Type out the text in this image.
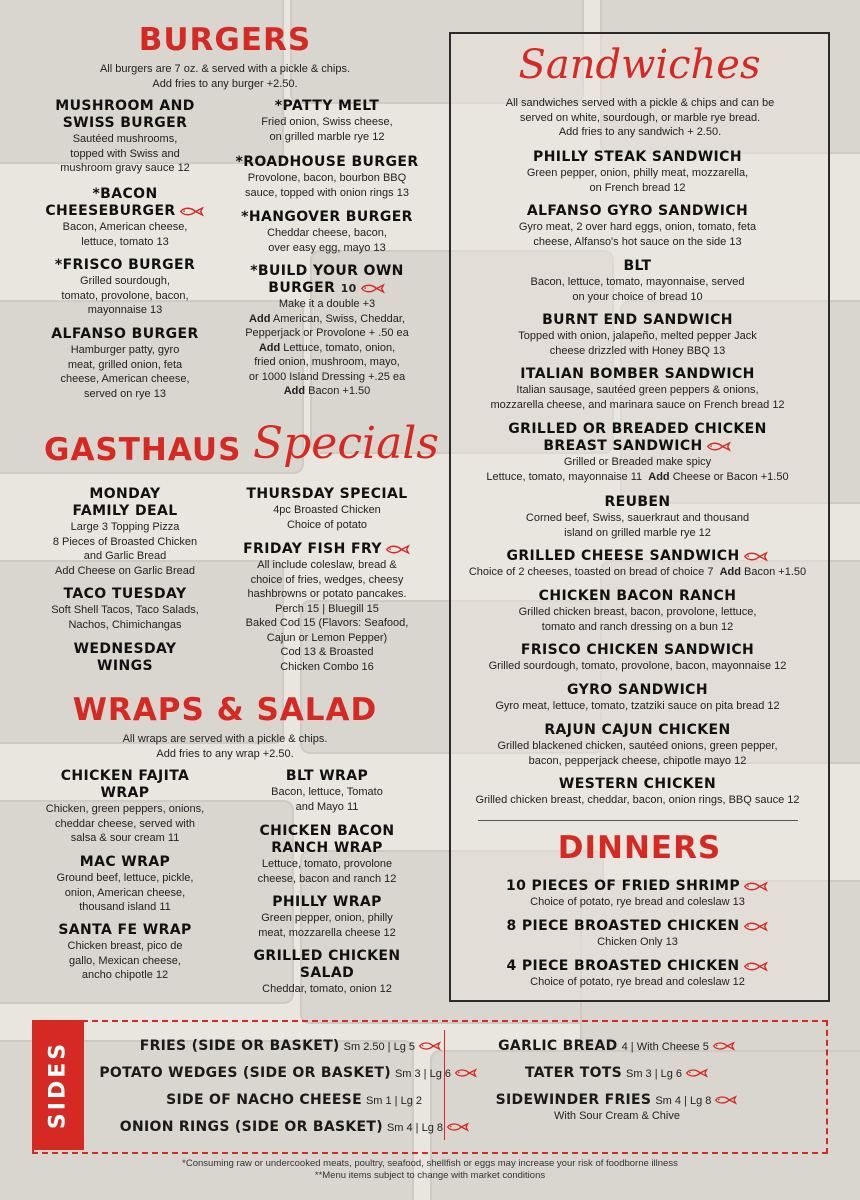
BURGERS
All burgers are 7 oz. & served with a pickle & chips.
Add fries to any burger +2.50.
MUSHROOM AND
SWISS BURGER
Sautéed mushrooms,
topped with Swiss and
mushroom gravy sauce 12
*BACON
CHEESEBURGER
Bacon, American cheese,
lettuce, tomato 13
*FRISCO BURGER
Grilled sourdough,
tomato, provolone, bacon,
mayonnaise 13
ALFANSO BURGER
Hamburger patty, gyro
meat, grilled onion, feta
cheese, American cheese,
served on rye 13
*PATTY MELT
Fried onion, Swiss cheese,
on grilled marble rye 12
*ROADHOUSE BURGER
Provolone, bacon, bourbon BBQ
sauce, topped with onion rings 13
*HANGOVER BURGER
Cheddar cheese, bacon,
over easy egg, mayo 13
*BUILD YOUR OWN
BURGER 10
Make it a double +3
Add American, Swiss, Cheddar,
Pepperjack or Provolone + .50 ea
Add Lettuce, tomato, onion,
fried onion, mushroom, mayo,
or 1000 Island Dressing +.25 ea
Add Bacon +1.50
GASTHAUS Specials
MONDAY
FAMILY DEAL
Large 3 Topping Pizza
8 Pieces of Broasted Chicken
and Garlic Bread
Add Cheese on Garlic Bread
TACO TUESDAY
Soft Shell Tacos, Taco Salads,
Nachos, Chimichangas
WEDNESDAY
WINGS
THURSDAY SPECIAL
4pc Broasted Chicken
Choice of potato
FRIDAY FISH FRY
All include coleslaw, bread &
choice of fries, wedges, cheesy
hashbrowns or potato pancakes.
Perch 15 | Bluegill 15
Baked Cod 15 (Flavors: Seafood,
Cajun or Lemon Pepper)
Cod 13 & Broasted
Chicken Combo 16
WRAPS & SALAD
All wraps are served with a pickle & chips.
Add fries to any wrap +2.50.
CHICKEN FAJITA
WRAP
Chicken, green peppers, onions,
cheddar cheese, served with
salsa & sour cream 11
MAC WRAP
Ground beef, lettuce, pickle,
onion, American cheese,
thousand island 11
SANTA FE WRAP
Chicken breast, pico de
gallo, Mexican cheese,
ancho chipotle 12
BLT WRAP
Bacon, lettuce, Tomato
and Mayo 11
CHICKEN BACON
RANCH WRAP
Lettuce, tomato, provolone
cheese, bacon and ranch 12
PHILLY WRAP
Green pepper, onion, philly
meat, mozzarella cheese 12
GRILLED CHICKEN
SALAD
Cheddar, tomato, onion 12
Sandwiches
All sandwiches served with a pickle & chips and can be
served on white, sourdough, or marble rye bread.
Add fries to any sandwich + 2.50.
PHILLY STEAK SANDWICH
Green pepper, onion, philly meat, mozzarella,
on French bread 12
ALFANSO GYRO SANDWICH
Gyro meat, 2 over hard eggs, onion, tomato, feta
cheese, Alfanso's hot sauce on the side 13
BLT
Bacon, lettuce, tomato, mayonnaise, served
on your choice of bread 10
BURNT END SANDWICH
Topped with onion, jalapeño, melted pepper Jack
cheese drizzled with Honey BBQ 13
ITALIAN BOMBER SANDWICH
Italian sausage, sautéed green peppers & onions,
mozzarella cheese, and marinara sauce on French bread 12
GRILLED OR BREADED CHICKEN
BREAST SANDWICH
Grilled or Breaded make spicy
Lettuce, tomato, mayonnaise 11 Add Cheese or Bacon +1.50
REUBEN
Corned beef, Swiss, sauerkraut and thousand
island on grilled marble rye 12
GRILLED CHEESE SANDWICH
Choice of 2 cheeses, toasted on bread of choice 7 Add Bacon +1.50
CHICKEN BACON RANCH
Grilled chicken breast, bacon, provolone, lettuce,
tomato and ranch dressing on a bun 12
FRISCO CHICKEN SANDWICH
Grilled sourdough, tomato, provolone, bacon, mayonnaise 12
GYRO SANDWICH
Gyro meat, lettuce, tomato, tzatziki sauce on pita bread 12
RAJUN CAJUN CHICKEN
Grilled blackened chicken, sautéed onions, green pepper,
bacon, pepperjack cheese, chipotle mayo 12
WESTERN CHICKEN
Grilled chicken breast, cheddar, bacon, onion rings, BBQ sauce 12
DINNERS
10 PIECES OF FRIED SHRIMP
Choice of potato, rye bread and coleslaw 13
8 PIECE BROASTED CHICKEN
Chicken Only 13
4 PIECE BROASTED CHICKEN
Choice of potato, rye bread and coleslaw 12
SIDES	FRIES (SIDE OR BASKET) Sm 2.50 | Lg 5
POTATO WEDGES (SIDE OR BASKET) Sm 3 | Lg 6
SIDE OF NACHO CHEESE Sm 1 | Lg 2
ONION RINGS (SIDE OR BASKET) Sm 4 | Lg 8
GARLIC BREAD 4 | With Cheese 5
TATER TOTS Sm 3 | Lg 6
SIDEWINDER FRIES Sm 4 | Lg 8
With Sour Cream & Chive
*Consuming raw or undercooked meats, poultry, seafood, shellfish or eggs may increase your risk of foodborne illness
**Menu items subject to change with market conditions
